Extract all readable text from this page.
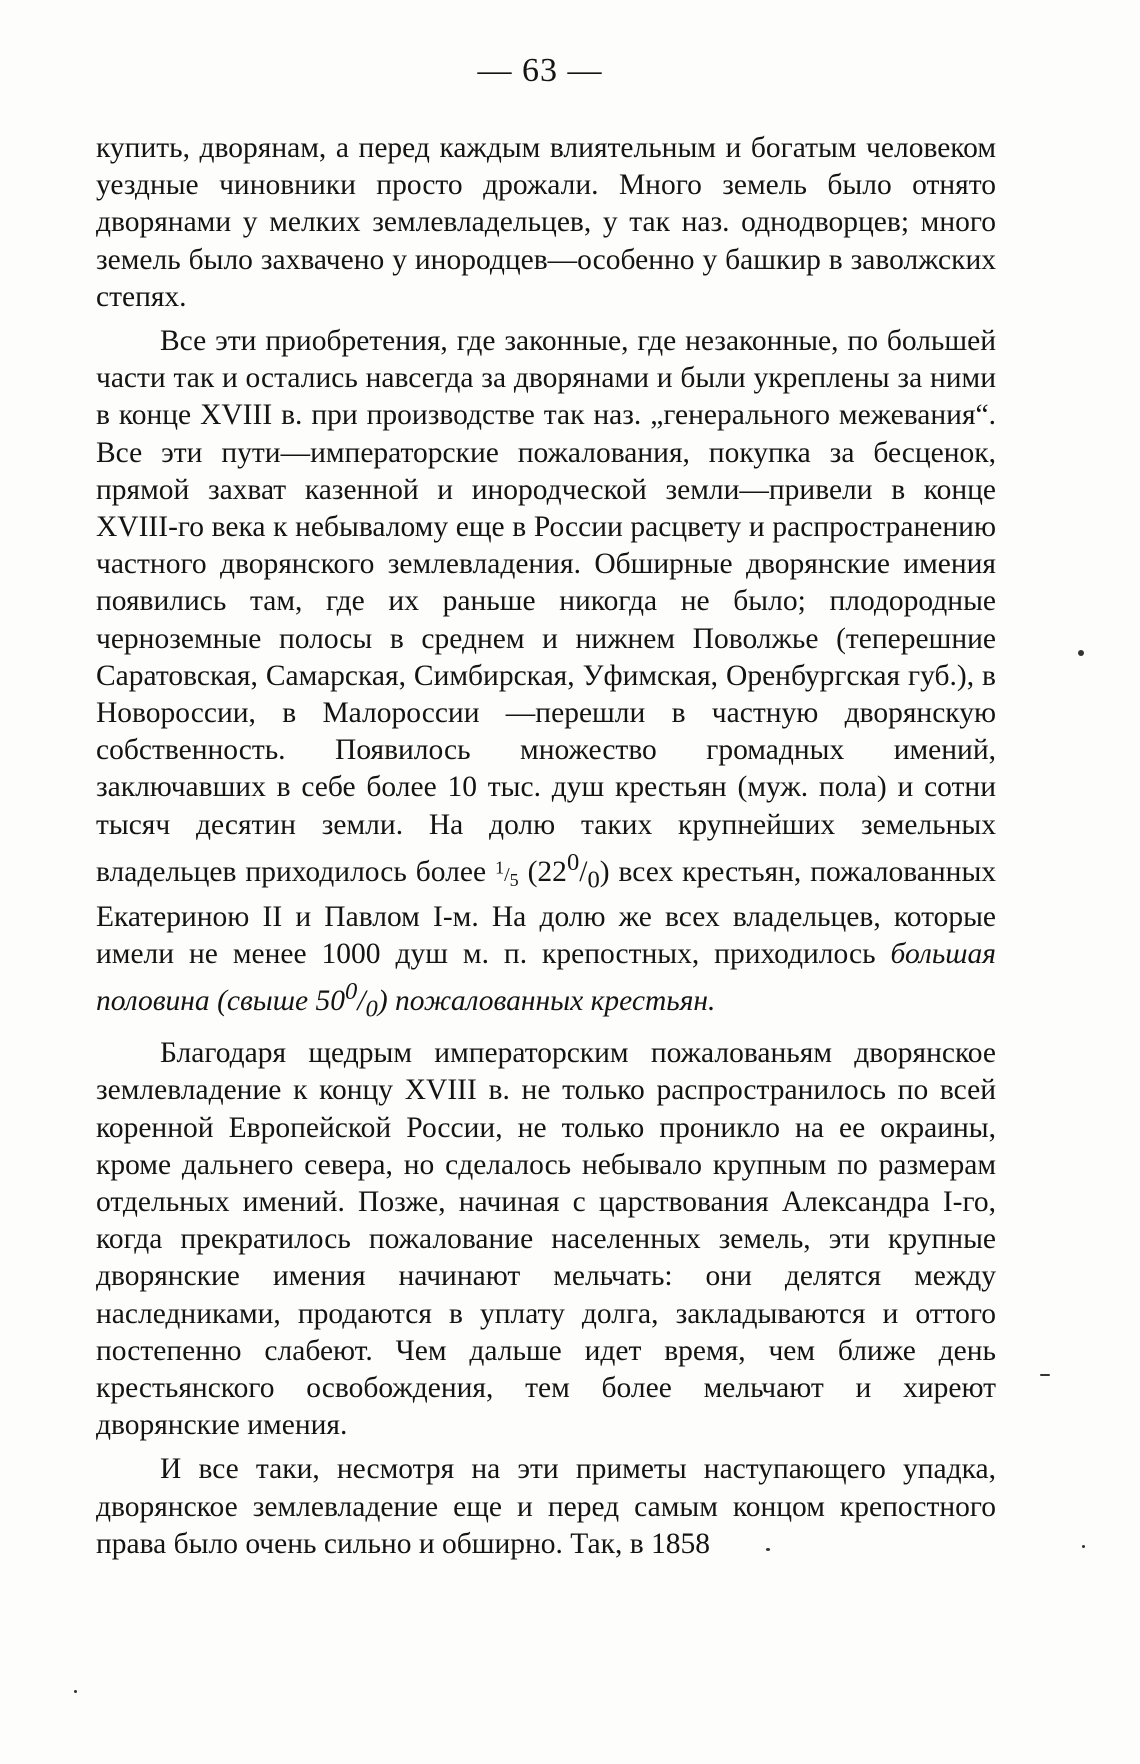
— 63 —

купить, дворянам, а перед каждым влиятельным и богатым человеком уездные чиновники просто дрожали. Много земель было отнято дворянами у мелких землевладельцев, у так наз. однодворцев; много земель было захвачено у инородцев—особенно у башкир в заволжских степях.

Все эти приобретения, где законные, где незаконные, по большей части так и остались навсегда за дворянами и были укреплены за ними в конце XVIII в. при производстве так наз. „генерального межевания“. Все эти пути—императорские пожалования, покупка за бесценок, прямой захват казенной и инородческой земли—привели в конце XVIII-го века к небывалому еще в России расцвету и распространению частного дворянского землевладения. Обширные дворянские имения появились там, где их раньше никогда не было; плодородные черноземные полосы в среднем и нижнем Поволжье (теперешние Саратовская, Самарская, Симбирская, Уфимская, Оренбургская губ.), в Новороссии, в Малороссии —перешли в частную дворянскую собственность. Появилось множество громадных имений, заключавших в себе более 10 тыс. душ крестьян (муж. пола) и сотни тысяч десятин земли. На долю таких крупнейших земельных владельцев приходилось более $^1/_5$ $(22^0/_0)$ всех крестьян, пожалованных Екатериною II и Павлом I-м. На долю же всех владельцев, которые имели не менее 1000 душ м. п. крепостных, приходилось большая половина (свыше $50^0/_0$) пожалованных крестьян.

Благодаря щедрым императорским пожалованьям дворянское землевладение к концу XVIII в. не только распространилось по всей коренной Европейской России, не только проникло на ее окраины, кроме дальнего севера, но сделалось небывало крупным по размерам отдельных имений. Позже, начиная с царствования Александра I-го, когда прекратилось пожалование населенных земель, эти крупные дворянские имения начинают мельчать: они делятся между наследниками, продаются в уплату долга, закладываются и оттого постепенно слабеют. Чем дальше идет время, чем ближе день крестьянского освобождения, тем более мельчают и хиреют дворянские имения.

И все таки, несмотря на эти приметы наступающего упадка, дворянское землевладение еще и перед самым концом крепостного права было очень сильно и обширно. Так, в 1858
